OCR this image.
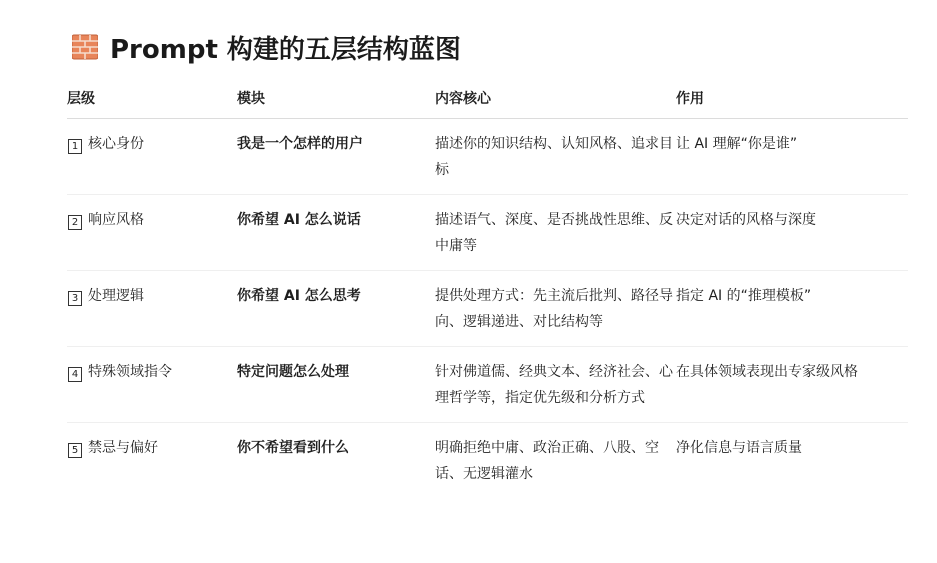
Prompt 构建的五层结构蓝图
层级	模块	内容核心	作用
1 核心身份	我是一个怎样的用户	描述你的知识结构、认知风格、追求目标	让 AI 理解“你是谁”
2 响应风格	你希望 AI 怎么说话	描述语气、深度、是否挑战性思维、反中庸等	决定对话的风格与深度
3 处理逻辑	你希望 AI 怎么思考	提供处理方式：先主流后批判、路径导向、逻辑递进、对比结构等	指定 AI 的“推理模板”
4 特殊领域指令	特定问题怎么处理	针对佛道儒、经典文本、经济社会、心理哲学等，指定优先级和分析方式	在具体领域表现出专家级风格
5 禁忌与偏好	你不希望看到什么	明确拒绝中庸、政治正确、八股、空话、无逻辑灌水	净化信息与语言质量
